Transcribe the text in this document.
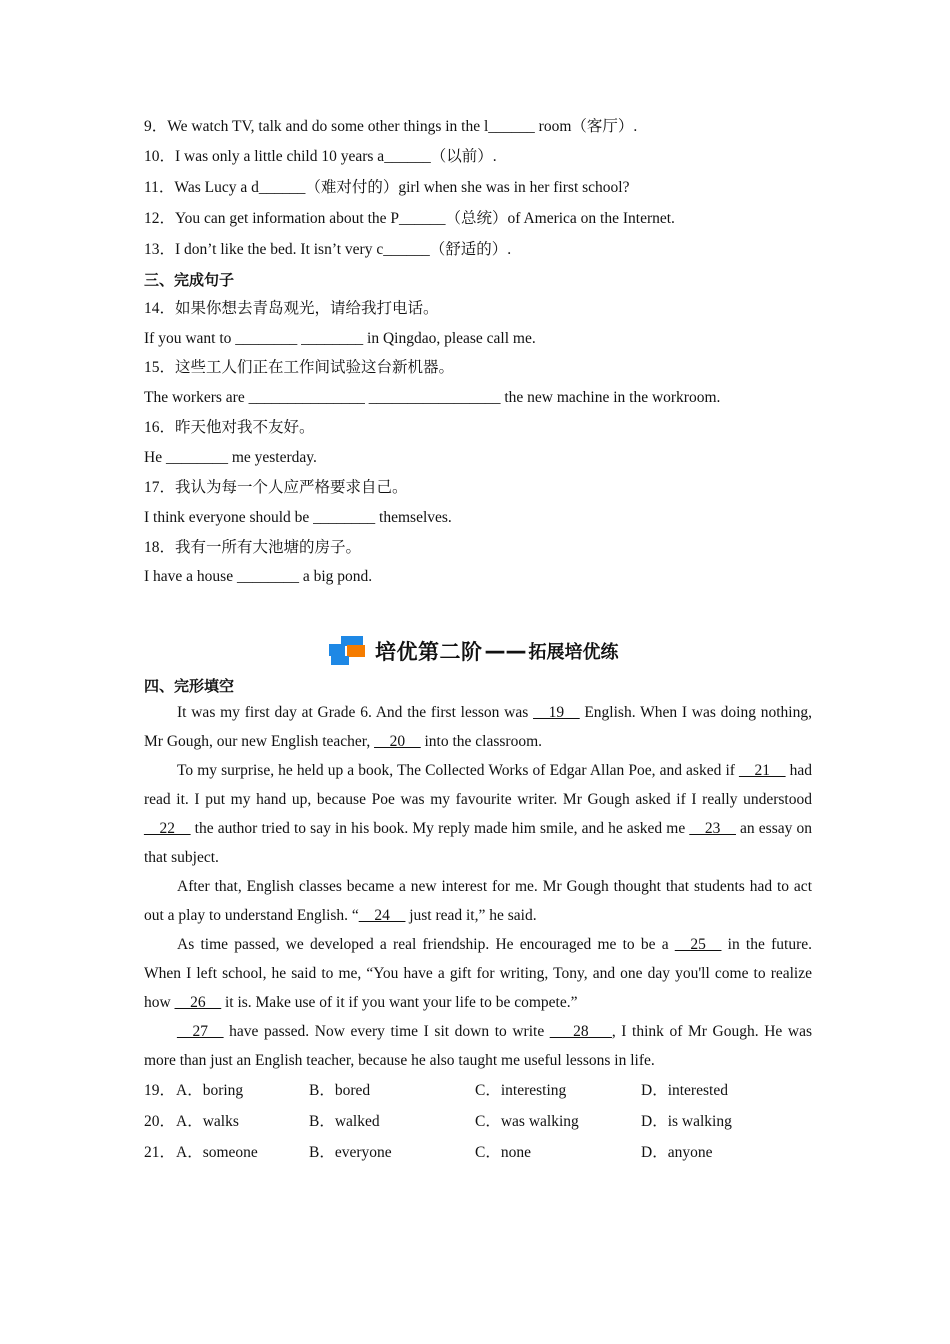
9．We watch TV, talk and do some other things in the l______ room（客厅）.
10．I was only a little child 10 years a______（以前）.
11．Was Lucy a d______（难对付的）girl when she was in her first school?
12．You can get information about the P______（总统）of America on the Internet.
13．I don’t like the bed. It isn’t very c______（舒适的）.
三、完成句子
14．如果你想去青岛观光，请给我打电话。
If you want to ________ ________ in Qingdao, please call me.
15．这些工人们正在工作间试验这台新机器。
The workers are _______________ _________________ the new machine in the workroom.
16．昨天他对我不友好。
He ________ me yesterday.
17．我认为每一个人应严格要求自己。
I think everyone should be ________ themselves.
18．我有一所有大池塘的房子。
I have a house ________ a big pond.
培优第二阶 —— 拓展培优练
四、完形填空
It was my first day at Grade 6. And the first lesson was __19__ English. When I was doing nothing, Mr Gough, our new English teacher, __20__ into the classroom.
To my surprise, he held up a book, The Collected Works of Edgar Allan Poe, and asked if __21__ had read it. I put my hand up, because Poe was my favourite writer. Mr Gough asked if I really understood __22__ the author tried to say in his book. My reply made him smile, and he asked me __23__ an essay on that subject.
After that, English classes became a new interest for me. Mr Gough thought that students had to act out a play to understand English. “__24__ just read it,” he said.
As time passed, we developed a real friendship. He encouraged me to be a __25__ in the future. When I left school, he said to me, “You have a gift for writing, Tony, and one day you'll come to realize how __26__ it is. Make use of it if you want your life to be compete.”
__27__ have passed. Now every time I sit down to write ___28___, I think of Mr Gough. He was more than just an English teacher, because he also taught me useful lessons in life.
19． A．boring	B．bored	C．interesting	D．interested
20． A．walks	B．walked	C．was walking	D．is walking
21． A．someone	B．everyone	C．none	D．anyone
